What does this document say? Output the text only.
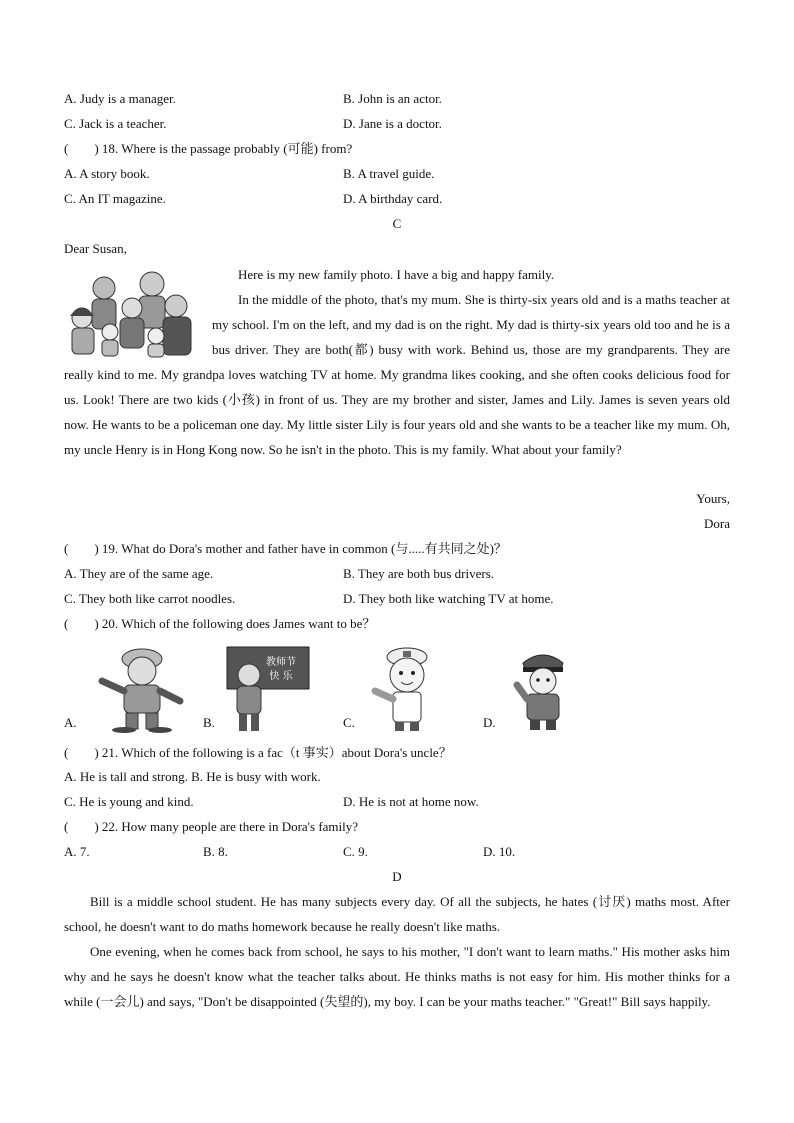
A. Judy is a manager.	B. John is an actor.
C. Jack is a teacher.	D. Jane is a doctor.
( ) 18. Where is the passage probably (可能) from?
A. A story book.	B. A travel guide.
C. An IT magazine.	D. A birthday card.
C
Dear Susan,
Here is my new family photo. I have a big and happy family.
In the middle of the photo, that's my mum. She is thirty-six years old and is a maths teacher at my school. I'm on the left, and my dad is on the right. My dad is thirty-six years old too and he is a bus driver. They are both(都) busy with work. Behind us, those are my grandparents. They are really kind to me. My grandpa loves watching TV at home. My grandma likes cooking, and she often cooks delicious food for us. Look! There are two kids (小孩) in front of us. They are my brother and sister, James and Lily. James is seven years old now. He wants to be a policeman one day. My little sister Lily is four years old and she wants to be a teacher like my mum. Oh, my uncle Henry is in Hong Kong now. So he isn't in the photo. This is my family. What about your family?
Yours,
Dora
( ) 19. What do Dora's mother and father have in common (与.....有共同之处)？
A. They are of the same age.	B. They are both bus drivers.
C. They both like carrot noodles.	D. They both like watching TV at home.
( ) 20. Which of the following does James want to be？
A.	B.
教师节
快 乐
C.	D.
( ) 21. Which of the following is a fac（t 事实）about Dora's uncle？
A. He is tall and strong. B. He is busy with work.
C. He is young and kind.	D. He is not at home now.
( ) 22. How many people are there in Dora's family?
A. 7.	B. 8.	C. 9.	D. 10.
D
Bill is a middle school student. He has many subjects every day. Of all the subjects, he hates (讨厌) maths most. After school, he doesn't want to do maths homework because he really doesn't like maths.
One evening, when he comes back from school, he says to his mother, "I don't want to learn maths." His mother asks him why and he says he doesn't know what the teacher talks about. He thinks maths is not easy for him. His mother thinks for a while (一会儿) and says, "Don't be disappointed (失望的), my boy. I can be your maths teacher." "Great!" Bill says happily.
